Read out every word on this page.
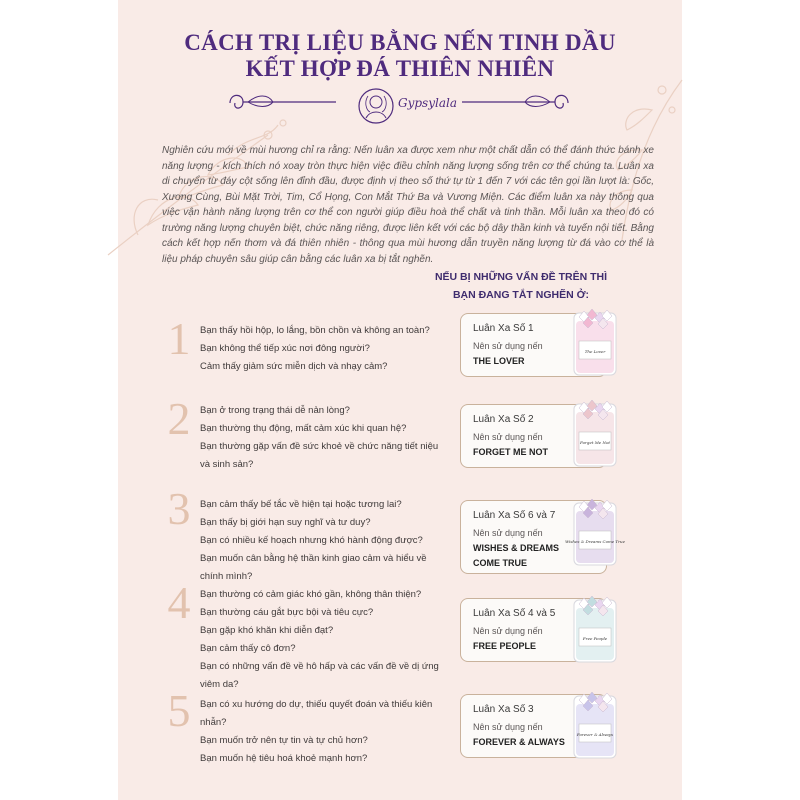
CÁCH TRỊ LIỆU BẰNG NẾN TINH DẦU
KẾT HỢP ĐÁ THIÊN NHIÊN
Gypsylala
Nghiên cứu mới về mùi hương chỉ ra rằng: Nến luân xa được xem như một chất dẫn có thể đánh thức bánh xe năng lượng - kích thích nó xoay tròn thực hiện việc điều chỉnh năng lượng sống trên cơ thể chúng ta. Luân xa di chuyển từ đáy cột sống lên đỉnh đầu, được định vị theo số thứ tự từ 1 đến 7 với các tên gọi lần lượt là: Gốc, Xương Cùng, Bùi Mặt Trời, Tim, Cổ Họng, Con Mắt Thứ Ba và Vương Miện. Các điểm luân xa này thông qua việc vận hành năng lượng trên cơ thể con người giúp điều hoà thể chất và tinh thần. Mỗi luân xa theo đó có trường năng lượng chuyên biệt, chức năng riêng, được liên kết với các bộ dây thần kinh và tuyến nội tiết. Bằng cách kết hợp nến thơm và đá thiên nhiên - thông qua mùi hương dẫn truyền năng lượng từ đá vào cơ thể là liệu pháp chuyên sâu giúp cân bằng các luân xa bị tắt nghẽn.
NẾU BỊ NHỮNG VẤN ĐỀ TRÊN THÌ
BẠN ĐANG TẮT NGHẼN Ở:
1	Bạn thấy hồi hộp, lo lắng, bồn chồn và không an toàn?
Bạn không thể tiếp xúc nơi đông người?
Cảm thấy giảm sức miễn dịch và nhạy cảm?
Luân Xa Số 1
Nên sử dụng nến
THE LOVER
2	Bạn ở trong trạng thái dễ nản lòng?
Bạn thường thụ động, mất cảm xúc khi quan hệ?
Bạn thường gặp vấn đề sức khoẻ về chức năng tiết niệu
và sinh sản?
Luân Xa Số 2
Nên sử dụng nến
FORGET ME NOT
3	Bạn cảm thấy bế tắc về hiện tại hoặc tương lai?
Bạn thấy bị giới hạn suy nghĩ và tư duy?
Bạn có nhiều kế hoạch nhưng khó hành động được?
Bạn muốn cân bằng hệ thần kinh giao cảm và hiểu về
chính mình?
Luân Xa Số 6 và 7
Nên sử dụng nến
WISHES & DREAMS
COME TRUE
4	Bạn thường có cảm giác khó gần, không thân thiện?
Bạn thường cáu gắt bực bội và tiêu cực?
Bạn gặp khó khăn khi diễn đạt?
Bạn cảm thấy cô đơn?
Bạn có những vấn đề về hô hấp và các vấn đề về dị ứng
viêm da?
Luân Xa Số 4 và 5
Nên sử dụng nến
FREE PEOPLE
5	Bạn có xu hướng do dự, thiếu quyết đoán và thiếu kiên
nhẫn?
Bạn muốn trở nên tự tin và tự chủ hơn?
Bạn muốn hệ tiêu hoá khoẻ mạnh hơn?
Luân Xa Số 3
Nên sử dụng nến
FOREVER & ALWAYS
The Lover
Forget Me Not
Wishes & Dreams Come True
Free People
Forever & Always
